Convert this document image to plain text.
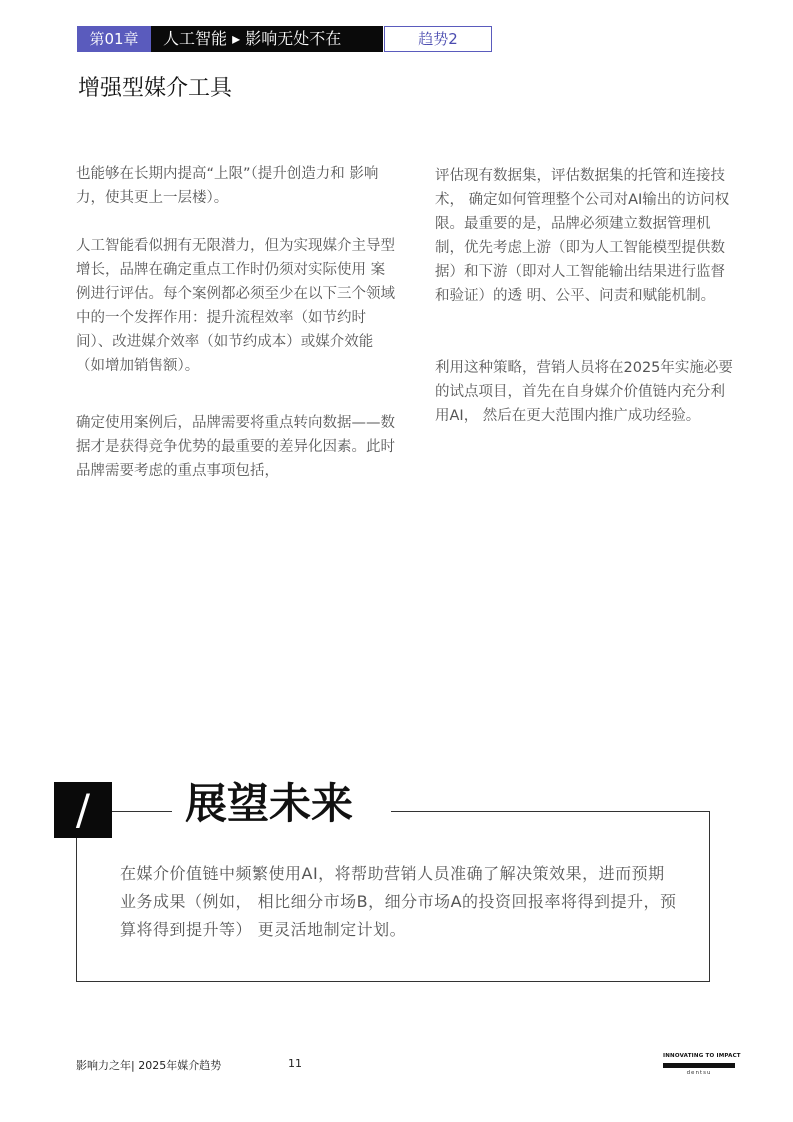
第01章	人工智能 ▸ 影响无处不在	趋势2
增强型媒介工具

也能够在长期内提高“上限”（提升创造力和 影响力，使其更上一层楼）。

人工智能看似拥有无限潜力，但为实现媒介主导型增长，品牌在确定重点工作时仍须对实际使用 案例进行评估。每个案例都必须至少在以下三个领域中的一个发挥作用：提升流程效率（如节约时间）、改进媒介效率（如节约成本）或媒介效能（如增加销售额）。

确定使用案例后，品牌需要将重点转向数据——数据才是获得竞争优势的最重要的差异化因素。此时品牌需要考虑的重点事项包括，

评估现有数据集，评估数据集的托管和连接技术， 确定如何管理整个公司对AI输出的访问权限。最重要的是，品牌必须建立数据管理机制，优先考虑上游（即为人工智能模型提供数据）和下游（即对人工智能输出结果进行监督和验证）的透 明、公平、问责和赋能机制。

利用这种策略，营销人员将在2025年实施必要的试点项目，首先在自身媒介价值链内充分利用AI， 然后在更大范围内推广成功经验。

/	展望未来

在媒介价值链中频繁使用AI，将帮助营销人员准确了解决策效果，进而预期业务成果（例如， 相比细分市场B，细分市场A的投资回报率将得到提升，预算将得到提升等） 更灵活地制定计划。

影响力之年| 2025年媒介趋势	11
INNOVATING TO IMPACT
dentsu
